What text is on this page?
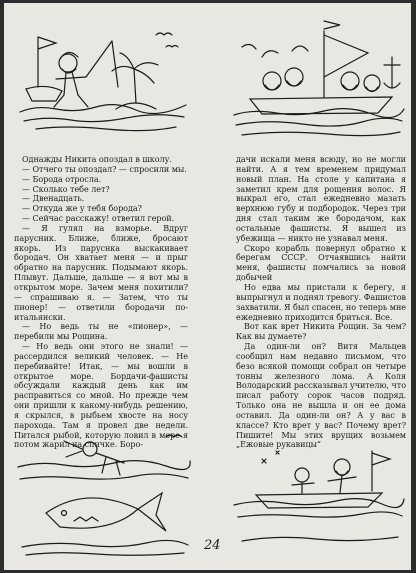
Однажды Никита опоздал в школу.

— Отчего ты опоздал? — спросили мы.

— Борода отросла.

— Сколько тебе лет?

— Двенадцать.

— Откуда же у тебя борода?

— Сейчас расскажу! ответил герой.

— Я гулял на взморье. Вдруг парусник. Ближе, ближе, бросают якорь. Из паруснка выскакивает бородач. Он хватает меня — и прыг обратно на парусник. Подымают якорь. Плывут. Дальше, дальше — я вот мы в открытом море. Зачем меня похитили? — спрашиваю я. — Затем, что ты пионер! — ответили бородачи по-итальянски.

— Но ведь ты не «пионер», — перебили мы Рощина.

— Но ведь они этого не знали! — рассердился великий человек. — Не перебивайте! Итак, — мы вошли в открытое море. Бордачи-фашисты обсуждали каждый день как им расправиться со мной. Но прежде чем они пришли к какому-нибудь решению, я скрылся, в рыбьем хвосте на носу парохода. Там я провел две недели. Питался рыбой, которую ловил в море я потом жарил на спичке. Боро-

дачи искали меня всюду, но не могли найти. А я тем временем придумал новый план. На столе у капитана я заметил крем для рощения волос. Я выкрал его, стал ежедневно мазать верхнюю губу и подбородок. Через три дня стал таким же бородачом, как остальные фашисты. Я вышел из убежища — никто не узнавал меня.

Скоро корабль повернул обратно к берегам СССР. Отчаявшись найти меня, фашисты помчались за новой добычей

Но едва мы пристали к берегу, я выпрыгнул и поднял тревогу. Фашистов захватили. Я был спасен, но теперь мне ежедневно приходится бриться. Все.

Вот как врет Никита Рощин. За чем? Как вы думаете?

Да один-ли он? Витя Мальцев сообщил нам недавно письмом, что безо всякой помощи собрал он четыре тонны железного лома. А Коля Володарский рассказывал учителю, что писал работу сорок часов подряд. Только она не вышла и он ее дома оставил. Да один-ли он? А у вас в классе? Кто врет у вас? Почему врет? Пишите! Мы этих врущих возьмем „Ежовые рукавицы“

24
